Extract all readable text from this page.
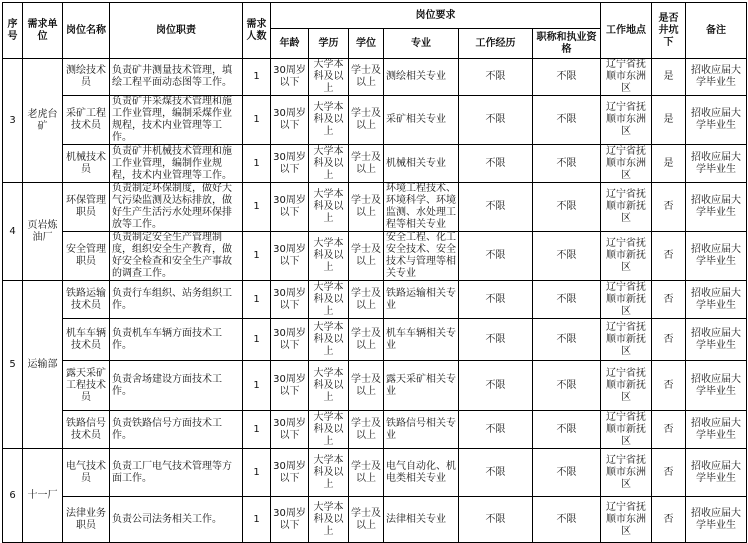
序号	需求单位	岗位名称	岗位职责	需求人数	岗位要求						工作地点	是否井坑下	备注
					年龄	学历	学位	专业	工作经历	职称和执业资格			
3	老虎台矿	测绘技术员	负责矿井测量技术管理，填绘工程平面动态图等工作。	1	30周岁以下	大学本科及以上	学士及以上	测绘相关专业	不限	不限	辽宁省抚顺市东洲区	是	招收应届大学毕业生
		采矿工程技术员	负责矿井采煤技术管理和施工作业管理，编制采煤作业规程，技术内业管理等工作。	1	30周岁以下	大学本科及以上	学士及以上	采矿相关专业	不限	不限	辽宁省抚顺市东洲区	是	招收应届大学毕业生
		机械技术员	负责矿井机械技术管理和施工作业管理，编制作业规程，技术内业管理等工作。	1	30周岁以下	大学本科及以上	学士及以上	机械相关专业	不限	不限	辽宁省抚顺市东洲区	是	招收应届大学毕业生
4	页岩炼油厂	环保管理职员	负责制定环保制度，做好大气污染监测及达标排放，做好生产生活污水处理环保排放等工作。	1	30周岁以下	大学本科及以上	学士及以上	环境工程技术、环境科学、环境监测、水处理工程等相关专业	不限	不限	辽宁省抚顺市新抚区	否	招收应届大学毕业生
		安全管理职员	负责制定安全生产管理制度，组织安全生产教育，做好安全检查和安全生产事故的调查工作。	1	30周岁以下	大学本科及以上	学士及以上	安全工程、化工安全技术、安全技术与管理等相关专业	不限	不限	辽宁省抚顺市新抚区	否	招收应届大学毕业生
5	运输部	铁路运输技术员	负责行车组织、站务组织工作。	1	30周岁以下	大学本科及以上	学士及以上	铁路运输相关专业	不限	不限	辽宁省抚顺市新抚区	否	招收应届大学毕业生
		机车车辆技术员	负责机车车辆方面技术工作。	1	30周岁以下	大学本科及以上	学士及以上	机车车辆相关专业	不限	不限	辽宁省抚顺市新抚区	否	招收应届大学毕业生
		露天采矿工程技术员	负责舍场建设方面技术工作。	1	30周岁以下	大学本科及以上	学士及以上	露天采矿相关专业	不限	不限	辽宁省抚顺市新抚区	否	招收应届大学毕业生
		铁路信号技术员	负责铁路信号方面技术工作。	1	30周岁以下	大学本科及以上	学士及以上	铁路信号相关专业	不限	不限	辽宁省抚顺市新抚区	否	招收应届大学毕业生
6	十一厂	电气技术员	负责工厂电气技术管理等方面工作。	1	30周岁以下	大学本科及以上	学士及以上	电气自动化、机电类相关专业	不限	不限	辽宁省抚顺市东洲区	否	招收应届大学毕业生
		法律业务职员	负责公司法务相关工作。	1	30周岁以下	大学本科及以上	学士及以上	法律相关专业	不限	不限	辽宁省抚顺市东洲区	否	招收应届大学毕业生
